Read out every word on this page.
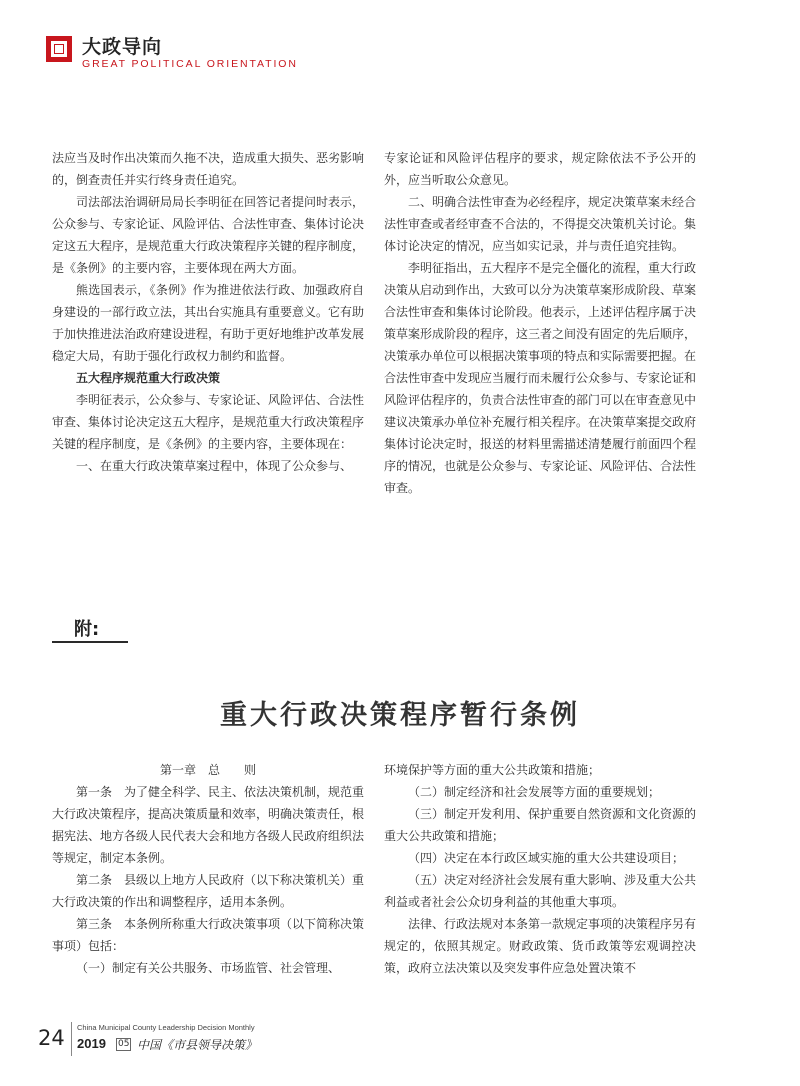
大政导向
GREAT POLITICAL ORIENTATION

法应当及时作出决策而久拖不决，造成重大损失、恶劣影响的，倒查责任并实行终身责任追究。

司法部法治调研局局长李明征在回答记者提问时表示，公众参与、专家论证、风险评估、合法性审查、集体讨论决定这五大程序，是规范重大行政决策程序关键的程序制度，是《条例》的主要内容，主要体现在两大方面。

熊选国表示，《条例》作为推进依法行政、加强政府自身建设的一部行政立法，其出台实施具有重要意义。它有助于加快推进法治政府建设进程，有助于更好地维护改革发展稳定大局，有助于强化行政权力制约和监督。

五大程序规范重大行政决策

李明征表示，公众参与、专家论证、风险评估、合法性审查、集体讨论决定这五大程序，是规范重大行政决策程序关键的程序制度，是《条例》的主要内容，主要体现在：

一、在重大行政决策草案过程中，体现了公众参与、

专家论证和风险评估程序的要求，规定除依法不予公开的外，应当听取公众意见。

二、明确合法性审查为必经程序，规定决策草案未经合法性审查或者经审查不合法的，不得提交决策机关讨论。集体讨论决定的情况，应当如实记录，并与责任追究挂钩。

李明征指出，五大程序不是完全僵化的流程，重大行政决策从启动到作出，大致可以分为决策草案形成阶段、草案合法性审查和集体讨论阶段。他表示，上述评估程序属于决策草案形成阶段的程序，这三者之间没有固定的先后顺序，决策承办单位可以根据决策事项的特点和实际需要把握。在合法性审查中发现应当履行而未履行公众参与、专家论证和风险评估程序的，负责合法性审查的部门可以在审查意见中建议决策承办单位补充履行相关程序。在决策草案提交政府集体讨论决定时，报送的材料里需描述清楚履行前面四个程序的情况，也就是公众参与、专家论证、风险评估、合法性审查。

附:
重大行政决策程序暂行条例

第一章　总　　则

第一条　为了健全科学、民主、依法决策机制，规范重大行政决策程序，提高决策质量和效率，明确决策责任，根据宪法、地方各级人民代表大会和地方各级人民政府组织法等规定，制定本条例。

第二条　县级以上地方人民政府（以下称决策机关）重大行政决策的作出和调整程序，适用本条例。

第三条　本条例所称重大行政决策事项（以下简称决策事项）包括：

（一）制定有关公共服务、市场监管、社会管理、

环境保护等方面的重大公共政策和措施；

（二）制定经济和社会发展等方面的重要规划；

（三）制定开发利用、保护重要自然资源和文化资源的重大公共政策和措施；

（四）决定在本行政区域实施的重大公共建设项目；

（五）决定对经济社会发展有重大影响、涉及重大公共利益或者社会公众切身利益的其他重大事项。

法律、行政法规对本条第一款规定事项的决策程序另有规定的，依照其规定。财政政策、货币政策等宏观调控决策，政府立法决策以及突发事件应急处置决策不

24 China Municipal County Leadership Decision Monthly
2019 05 中国《市县领导决策》
